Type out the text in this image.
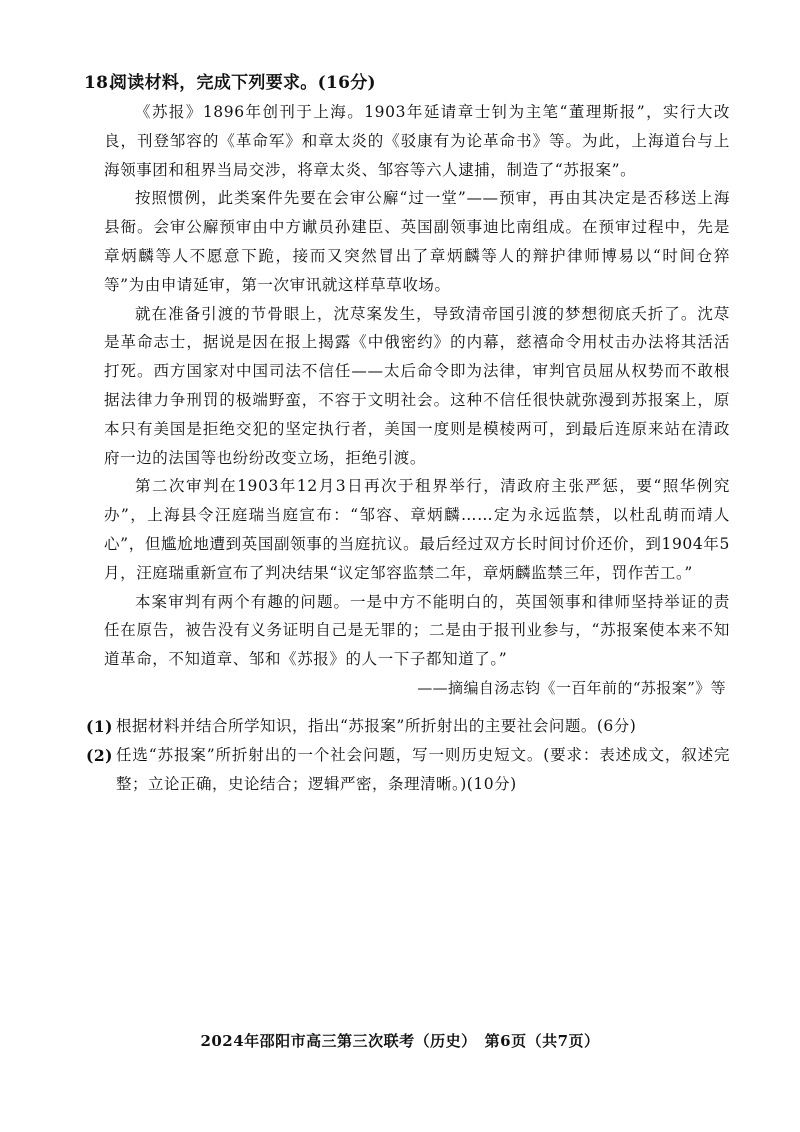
18.阅读材料，完成下列要求。(16分)

《苏报》1896年创刊于上海。1903年延请章士钊为主笔“董理斯报”，实行大改良，刊登邹容的《革命军》和章太炎的《驳康有为论革命书》等。为此，上海道台与上海领事团和租界当局交涉，将章太炎、邹容等六人逮捕，制造了“苏报案”。

按照惯例，此类案件先要在会审公廨“过一堂”——预审，再由其决定是否移送上海县衙。会审公廨预审由中方谳员孙建臣、英国副领事迪比南组成。在预审过程中，先是章炳麟等人不愿意下跪，接而又突然冒出了章炳麟等人的辩护律师博易以“时间仓猝等”为由申请延审，第一次审讯就这样草草收场。

就在准备引渡的节骨眼上，沈荩案发生，导致清帝国引渡的梦想彻底夭折了。沈荩是革命志士，据说是因在报上揭露《中俄密约》的内幕，慈禧命令用杖击办法将其活活打死。西方国家对中国司法不信任——太后命令即为法律，审判官员屈从权势而不敢根据法律力争刑罚的极端野蛮，不容于文明社会。这种不信任很快就弥漫到苏报案上，原本只有美国是拒绝交犯的坚定执行者，美国一度则是模棱两可，到最后连原来站在清政府一边的法国等也纷纷改变立场，拒绝引渡。

第二次审判在1903年12月3日再次于租界举行，清政府主张严惩，要“照华例究办”，上海县令汪庭瑞当庭宣布：“邹容、章炳麟……定为永远监禁，以杜乱萌而靖人心”，但尴尬地遭到英国副领事的当庭抗议。最后经过双方长时间讨价还价，到1904年5月，汪庭瑞重新宣布了判决结果“议定邹容监禁二年，章炳麟监禁三年，罚作苦工。”

本案审判有两个有趣的问题。一是中方不能明白的，英国领事和律师坚持举证的责任在原告，被告没有义务证明自己是无罪的；二是由于报刊业参与，“苏报案使本来不知道革命，不知道章、邹和《苏报》的人一下子都知道了。”

——摘编自汤志钧《一百年前的“苏报案”》等

(1) 根据材料并结合所学知识，指出“苏报案”所折射出的主要社会问题。(6分)
(2) 任选“苏报案”所折射出的一个社会问题，写一则历史短文。(要求：表述成文，叙述完整；立论正确，史论结合；逻辑严密，条理清晰。)(10分)
2024年邵阳市高三第三次联考（历史）　第6页（共7页）
